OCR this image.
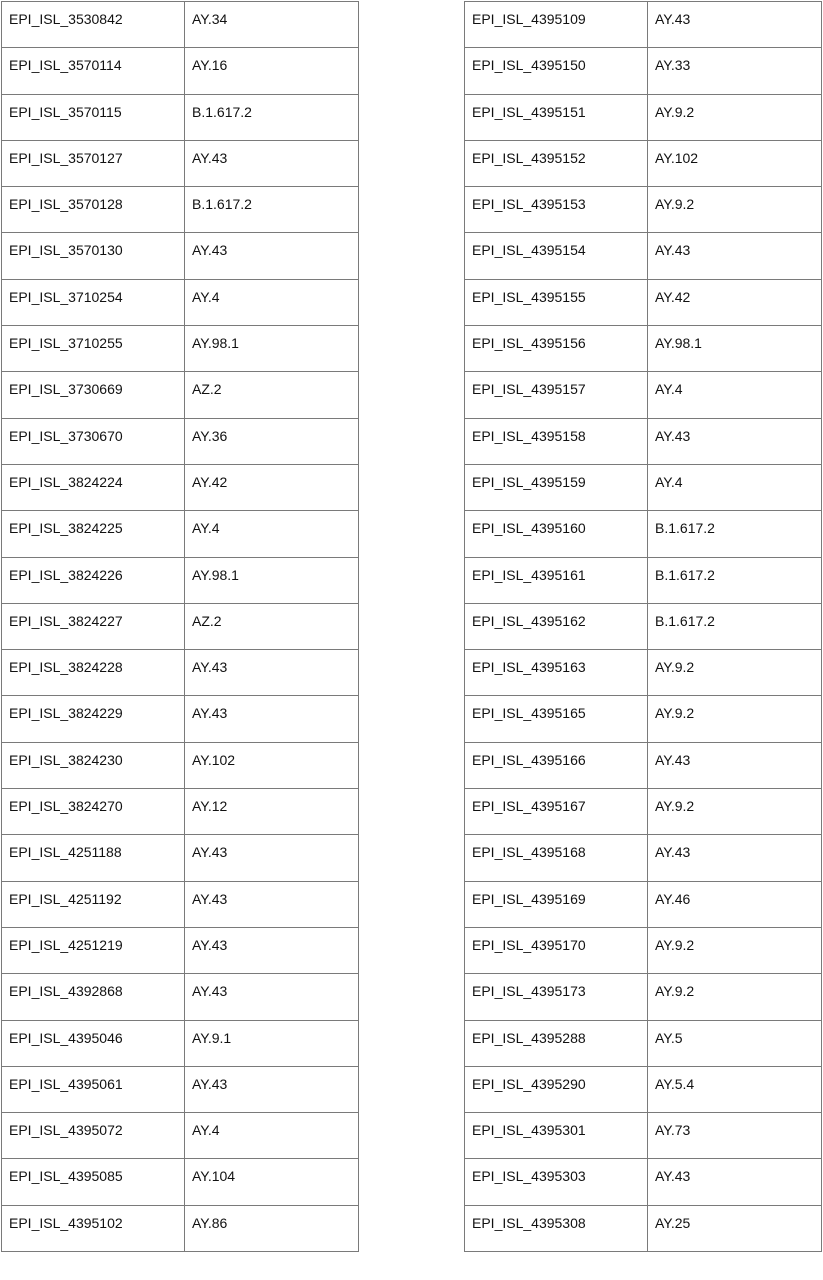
EPI_ISL_3530842	AY.34
EPI_ISL_3570114	AY.16
EPI_ISL_3570115	B.1.617.2
EPI_ISL_3570127	AY.43
EPI_ISL_3570128	B.1.617.2
EPI_ISL_3570130	AY.43
EPI_ISL_3710254	AY.4
EPI_ISL_3710255	AY.98.1
EPI_ISL_3730669	AZ.2
EPI_ISL_3730670	AY.36
EPI_ISL_3824224	AY.42
EPI_ISL_3824225	AY.4
EPI_ISL_3824226	AY.98.1
EPI_ISL_3824227	AZ.2
EPI_ISL_3824228	AY.43
EPI_ISL_3824229	AY.43
EPI_ISL_3824230	AY.102
EPI_ISL_3824270	AY.12
EPI_ISL_4251188	AY.43
EPI_ISL_4251192	AY.43
EPI_ISL_4251219	AY.43
EPI_ISL_4392868	AY.43
EPI_ISL_4395046	AY.9.1
EPI_ISL_4395061	AY.43
EPI_ISL_4395072	AY.4
EPI_ISL_4395085	AY.104
EPI_ISL_4395102	AY.86
EPI_ISL_4395109	AY.43
EPI_ISL_4395150	AY.33
EPI_ISL_4395151	AY.9.2
EPI_ISL_4395152	AY.102
EPI_ISL_4395153	AY.9.2
EPI_ISL_4395154	AY.43
EPI_ISL_4395155	AY.42
EPI_ISL_4395156	AY.98.1
EPI_ISL_4395157	AY.4
EPI_ISL_4395158	AY.43
EPI_ISL_4395159	AY.4
EPI_ISL_4395160	B.1.617.2
EPI_ISL_4395161	B.1.617.2
EPI_ISL_4395162	B.1.617.2
EPI_ISL_4395163	AY.9.2
EPI_ISL_4395165	AY.9.2
EPI_ISL_4395166	AY.43
EPI_ISL_4395167	AY.9.2
EPI_ISL_4395168	AY.43
EPI_ISL_4395169	AY.46
EPI_ISL_4395170	AY.9.2
EPI_ISL_4395173	AY.9.2
EPI_ISL_4395288	AY.5
EPI_ISL_4395290	AY.5.4
EPI_ISL_4395301	AY.73
EPI_ISL_4395303	AY.43
EPI_ISL_4395308	AY.25
